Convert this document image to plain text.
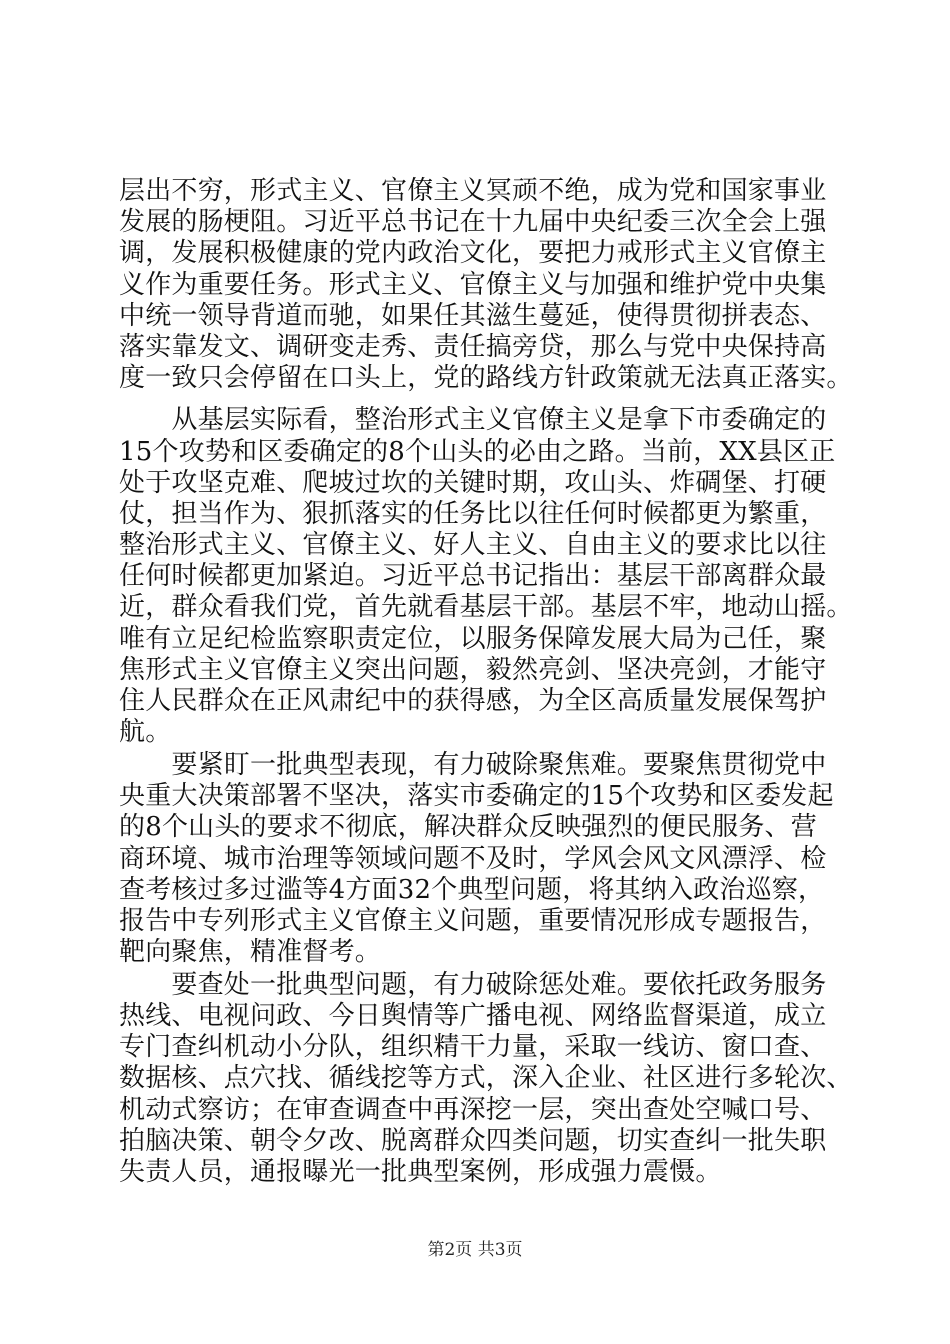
层出不穷，形式主义、官僚主义冥顽不绝，成为党和国家事业
发展的肠梗阻。习近平总书记在十九届中央纪委三次全会上强
调，发展积极健康的党内政治文化，要把力戒形式主义官僚主
义作为重要任务。形式主义、官僚主义与加强和维护党中央集
中统一领导背道而驰，如果任其滋生蔓延，使得贯彻拼表态、
落实靠发文、调研变走秀、责任搞旁贷，那么与党中央保持高
度一致只会停留在口头上，党的路线方针政策就无法真正落实。
　　从基层实际看，整治形式主义官僚主义是拿下市委确定的
15个攻势和区委确定的8个山头的必由之路。当前，XX县区正
处于攻坚克难、爬坡过坎的关键时期，攻山头、炸碉堡、打硬
仗，担当作为、狠抓落实的任务比以往任何时候都更为繁重，
整治形式主义、官僚主义、好人主义、自由主义的要求比以往
任何时候都更加紧迫。习近平总书记指出：基层干部离群众最
近，群众看我们党，首先就看基层干部。基层不牢，地动山摇。
唯有立足纪检监察职责定位，以服务保障发展大局为己任，聚
焦形式主义官僚主义突出问题，毅然亮剑、坚决亮剑，才能守
住人民群众在正风肃纪中的获得感，为全区高质量发展保驾护
航。
　　要紧盯一批典型表现，有力破除聚焦难。要聚焦贯彻党中
央重大决策部署不坚决，落实市委确定的15个攻势和区委发起
的8个山头的要求不彻底，解决群众反映强烈的便民服务、营
商环境、城市治理等领域问题不及时，学风会风文风漂浮、检
查考核过多过滥等4方面32个典型问题，将其纳入政治巡察，
报告中专列形式主义官僚主义问题，重要情况形成专题报告，
靶向聚焦，精准督考。
　　要查处一批典型问题，有力破除惩处难。要依托政务服务
热线、电视问政、今日舆情等广播电视、网络监督渠道，成立
专门查纠机动小分队，组织精干力量，采取一线访、窗口查、
数据核、点穴找、循线挖等方式，深入企业、社区进行多轮次、
机动式察访；在审查调查中再深挖一层，突出查处空喊口号、
拍脑决策、朝令夕改、脱离群众四类问题，切实查纠一批失职
失责人员，通报曝光一批典型案例，形成强力震慑。
第2页 共3页
